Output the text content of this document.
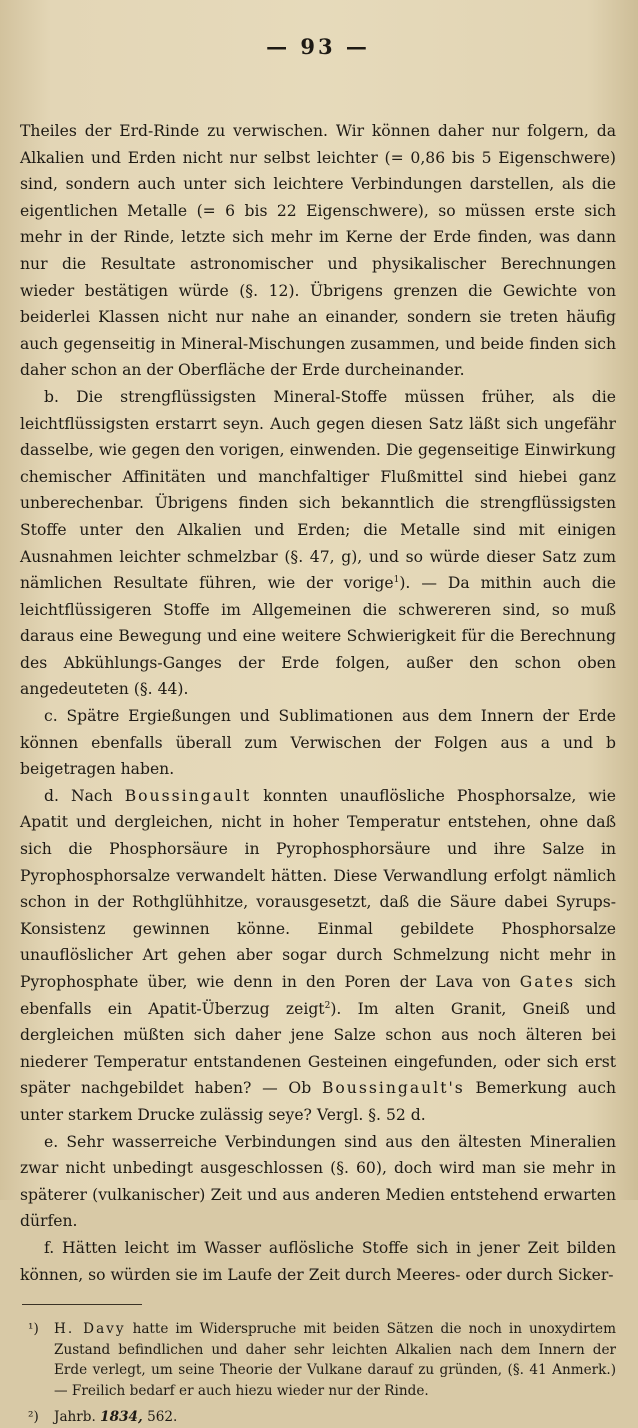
— 93 —

Theiles der Erd-Rinde zu verwischen. Wir können daher nur folgern, da Alkalien und Erden nicht nur selbst leichter (= 0,86 bis 5 Eigenschwere) sind, sondern auch unter sich leichtere Verbindungen darstellen, als die eigentlichen Metalle (= 6 bis 22 Eigenschwere), so müssen erste sich mehr in der Rinde, letzte sich mehr im Kerne der Erde finden, was dann nur die Resultate astronomischer und physikalischer Berechnungen wieder bestätigen würde (§. 12). Übrigens grenzen die Gewichte von beiderlei Klassen nicht nur nahe an einander, sondern sie treten häufig auch gegenseitig in Mineral-Mischungen zusammen, und beide finden sich daher schon an der Oberfläche der Erde durcheinander.

b. Die strengflüssigsten Mineral-Stoffe müssen früher, als die leichtflüssigsten erstarrt seyn. Auch gegen diesen Satz läßt sich ungefähr dasselbe, wie gegen den vorigen, einwenden. Die gegenseitige Einwirkung chemischer Affinitäten und manchfaltiger Flußmittel sind hiebei ganz unberechenbar. Übrigens finden sich bekanntlich die strengflüssigsten Stoffe unter den Alkalien und Erden; die Metalle sind mit einigen Ausnahmen leichter schmelzbar (§. 47, g), und so würde dieser Satz zum nämlichen Resultate führen, wie der vorige$^1$). — Da mithin auch die leichtflüssigeren Stoffe im Allgemeinen die schwereren sind, so muß daraus eine Bewegung und eine weitere Schwierigkeit für die Berechnung des Abkühlungs-Ganges der Erde folgen, außer den schon oben angedeuteten (§. 44).

c. Spätre Ergießungen und Sublimationen aus dem Innern der Erde können ebenfalls überall zum Verwischen der Folgen aus a und b beigetragen haben.

d. Nach Boussingault konnten unauflösliche Phosphorsalze, wie Apatit und dergleichen, nicht in hoher Temperatur entstehen, ohne daß sich die Phosphorsäure in Pyrophosphorsäure und ihre Salze in Pyrophosphorsalze verwandelt hätten. Diese Verwandlung erfolgt nämlich schon in der Rothglühhitze, vorausgesetzt, daß die Säure dabei Syrups-Konsistenz gewinnen könne. Einmal gebildete Phosphorsalze unauflöslicher Art gehen aber sogar durch Schmelzung nicht mehr in Pyrophosphate über, wie denn in den Poren der Lava von Gates sich ebenfalls ein Apatit-Überzug zeigt$^2$). Im alten Granit, Gneiß und dergleichen müßten sich daher jene Salze schon aus noch älteren bei niederer Temperatur entstandenen Gesteinen eingefunden, oder sich erst später nachgebildet haben? — Ob Boussingault's Bemerkung auch unter starkem Drucke zulässig seye? Vergl. §. 52 d.

e. Sehr wasserreiche Verbindungen sind aus den ältesten Mineralien zwar nicht unbedingt ausgeschlossen (§. 60), doch wird man sie mehr in späterer (vulkanischer) Zeit und aus anderen Medien entstehend erwarten dürfen.

f. Hätten leicht im Wasser auflösliche Stoffe sich in jener Zeit bilden können, so würden sie im Laufe der Zeit durch Meeres- oder durch Sicker-

¹)	H. Davy hatte im Widerspruche mit beiden Sätzen die noch in unoxydirtem Zustand befindlichen und daher sehr leichten Alkalien nach dem Innern der Erde verlegt, um seine Theorie der Vulkane darauf zu gründen, (§. 41 Anmerk.) — Freilich bedarf er auch hiezu wieder nur der Rinde.
²)	Jahrb. 1834, 562.
